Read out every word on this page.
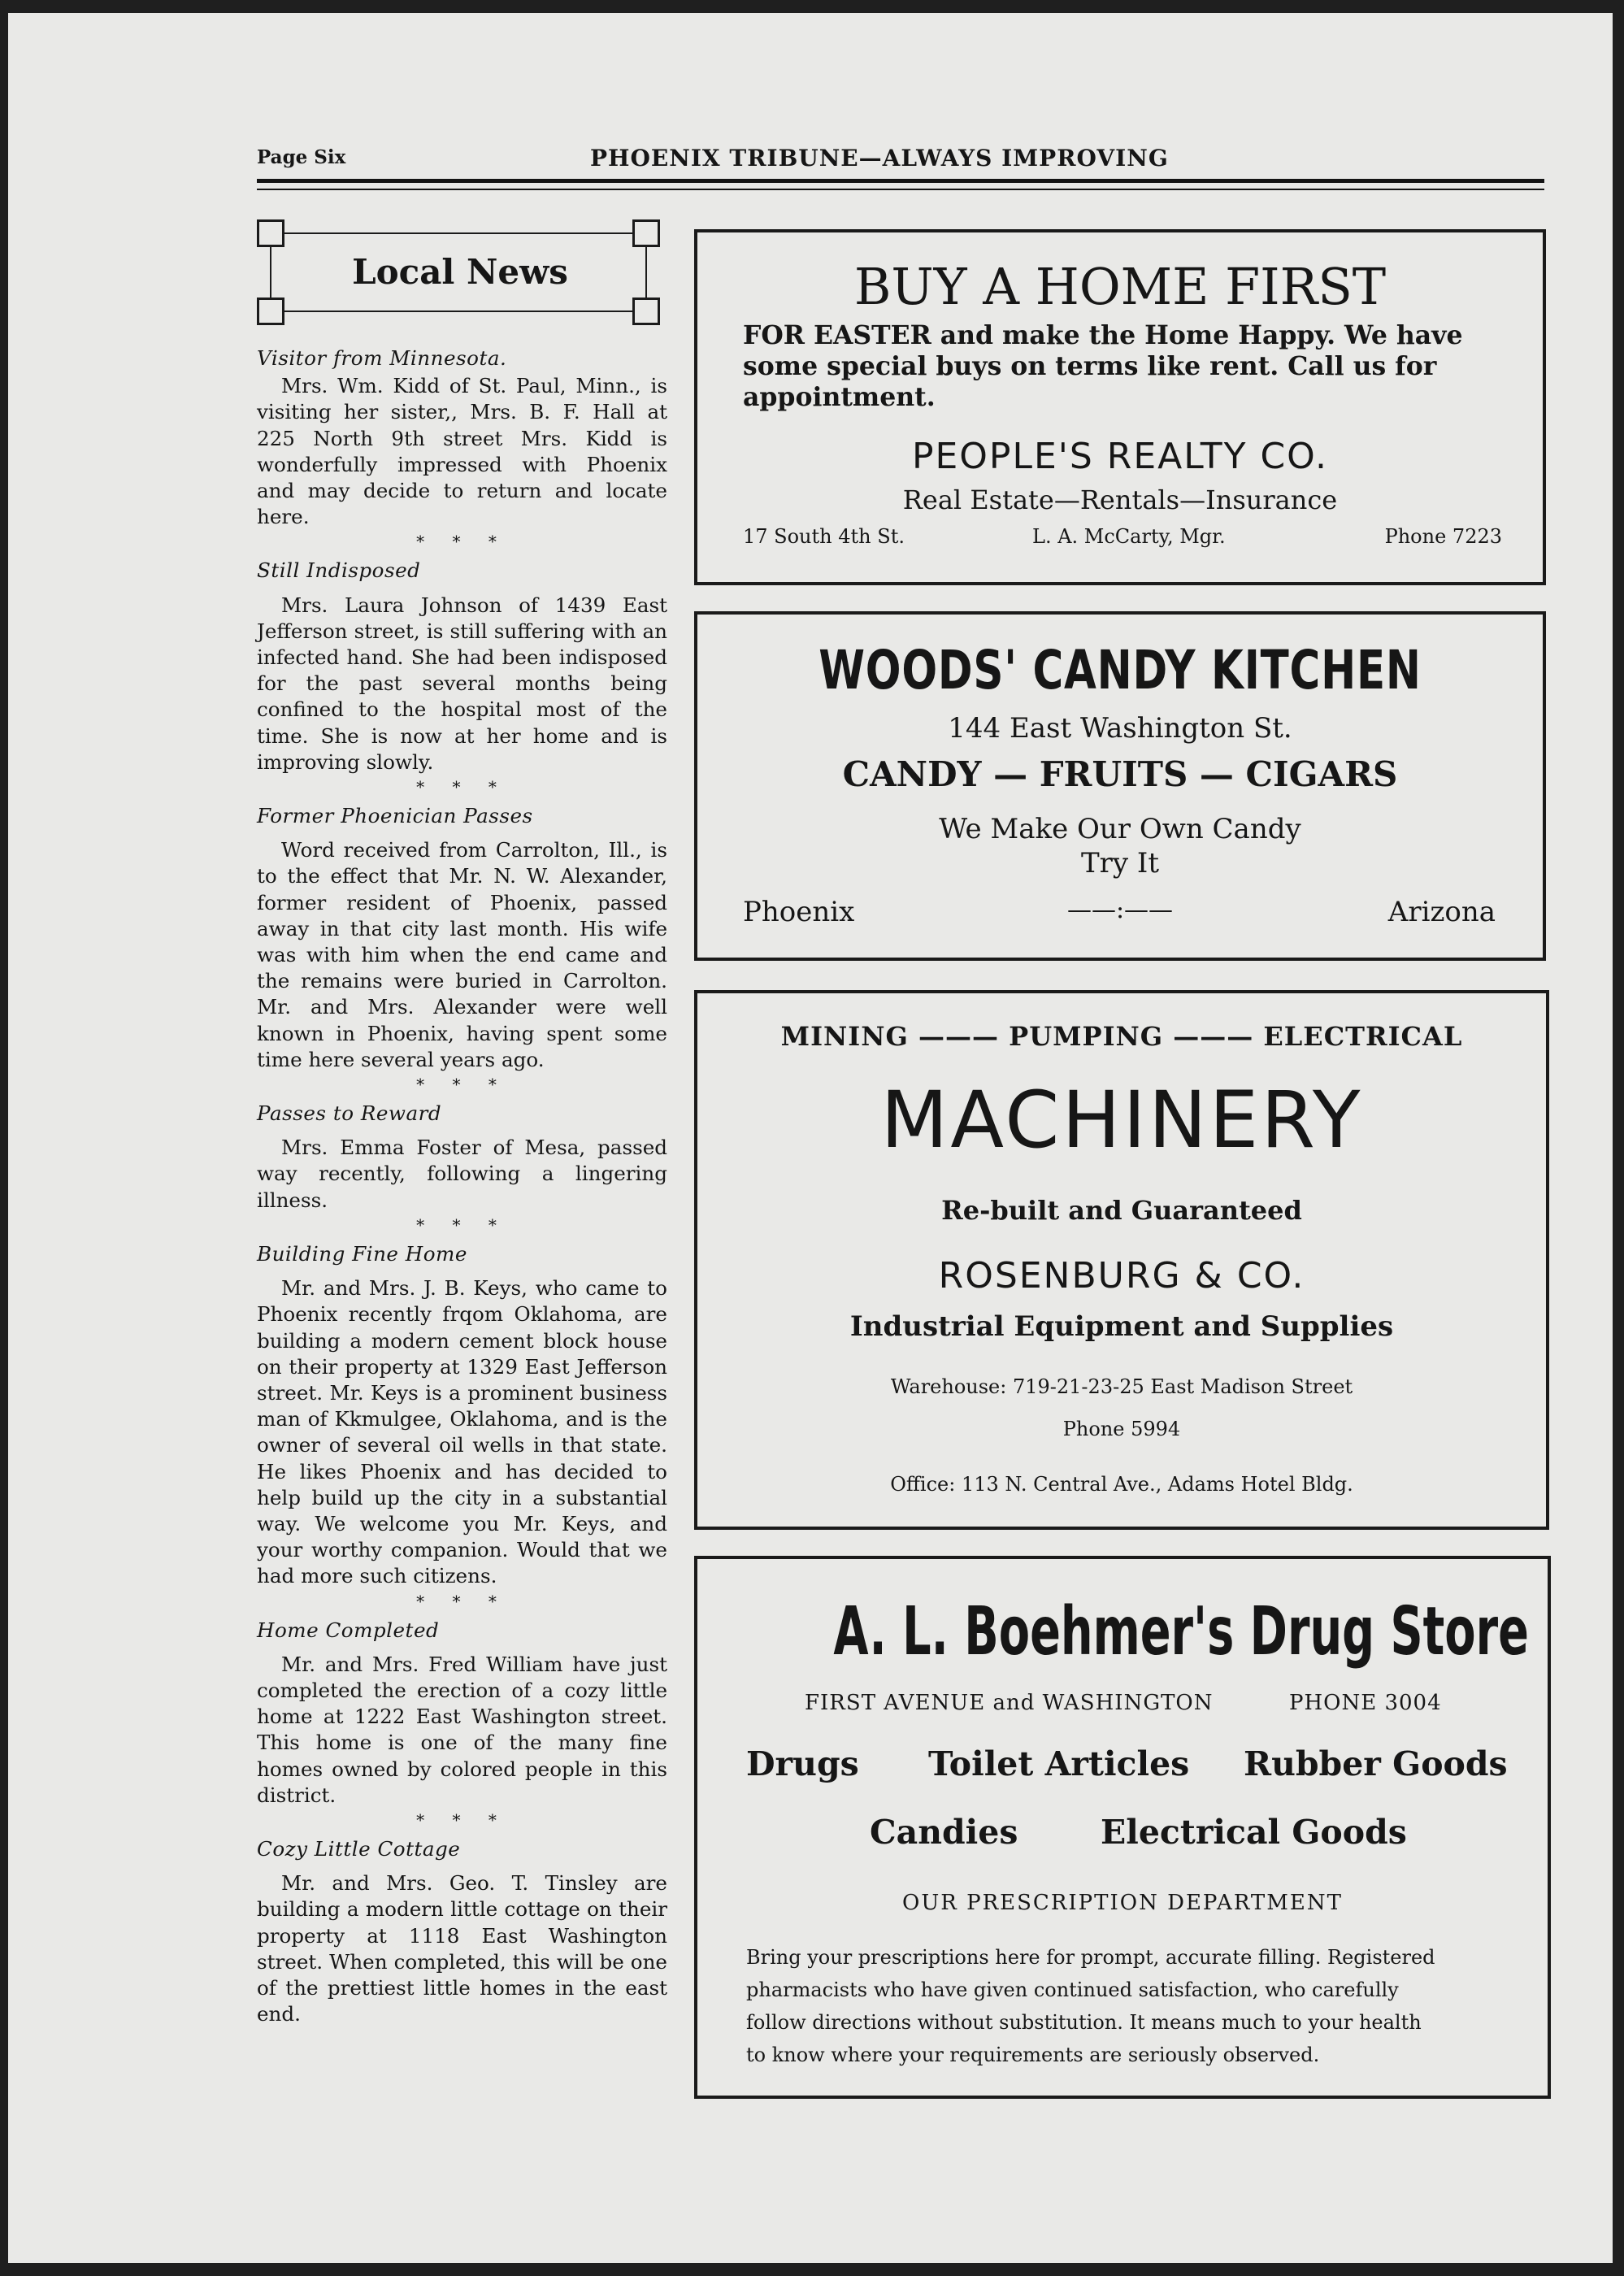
Page Six	PHOENIX TRIBUNE—ALWAYS IMPROVING
Local News
Visitor from Minnesota.

Mrs. Wm. Kidd of St. Paul, Minn., is visiting her sister,, Mrs. B. F. Hall at 225 North 9th street Mrs. Kidd is wonderfully impressed with Phoenix and may decide to return and locate here.

* * *
Still Indisposed

Mrs. Laura Johnson of 1439 East Jefferson street, is still suffering with an infected hand. She had been indisposed for the past several months being confined to the hospital most of the time. She is now at her home and is improving slowly.

* * *
Former Phoenician Passes

Word received from Carrolton, Ill., is to the effect that Mr. N. W. Alexander, former resident of Phoenix, passed away in that city last month. His wife was with him when the end came and the remains were buried in Carrolton. Mr. and Mrs. Alexander were well known in Phoenix, having spent some time here several years ago.

* * *
Passes to Reward

Mrs. Emma Foster of Mesa, passed way recently, following a lingering illness.

* * *
Building Fine Home

Mr. and Mrs. J. B. Keys, who came to Phoenix recently frqom Oklahoma, are building a modern cement block house on their property at 1329 East Jefferson street. Mr. Keys is a prominent business man of Kkmulgee, Oklahoma, and is the owner of several oil wells in that state. He likes Phoenix and has decided to help build up the city in a substantial way. We welcome you Mr. Keys, and your worthy companion. Would that we had more such citizens.

* * *
Home Completed

Mr. and Mrs. Fred William have just completed the erection of a cozy little home at 1222 East Washington street. This home is one of the many fine homes owned by colored people in this district.

* * *
Cozy Little Cottage

Mr. and Mrs. Geo. T. Tinsley are building a modern little cottage on their property at 1118 East Washington street. When completed, this will be one of the prettiest little homes in the east end.

BUY A HOME FIRST
FOR EASTER and make the Home Happy. We have
some special buys on terms like rent. Call us for
appointment.
PEOPLE'S REALTY CO.
Real Estate—Rentals—Insurance
17 South 4th St.	L. A. McCarty, Mgr.	Phone 7223
WOODS' CANDY KITCHEN
144 East Washington St.
CANDY — FRUITS — CIGARS
We Make Our Own Candy
Try It
Phoenix	——:——	Arizona
MINING ——— PUMPING ——— ELECTRICAL
MACHINERY
Re-built and Guaranteed
ROSENBURG & CO.
Industrial Equipment and Supplies
Warehouse: 719-21-23-25 East Madison Street
Phone 5994
Office: 113 N. Central Ave., Adams Hotel Bldg.
A. L. Boehmer's Drug Store
FIRST AVENUE and WASHINGTON	PHONE 3004
Drugs Toilet Articles Rubber Goods
Candies Electrical Goods
OUR PRESCRIPTION DEPARTMENT
Bring your prescriptions here for prompt, accurate filling. Registered
pharmacists who have given continued satisfaction, who carefully
follow directions without substitution. It means much to your health
to know where your requirements are seriously observed.
